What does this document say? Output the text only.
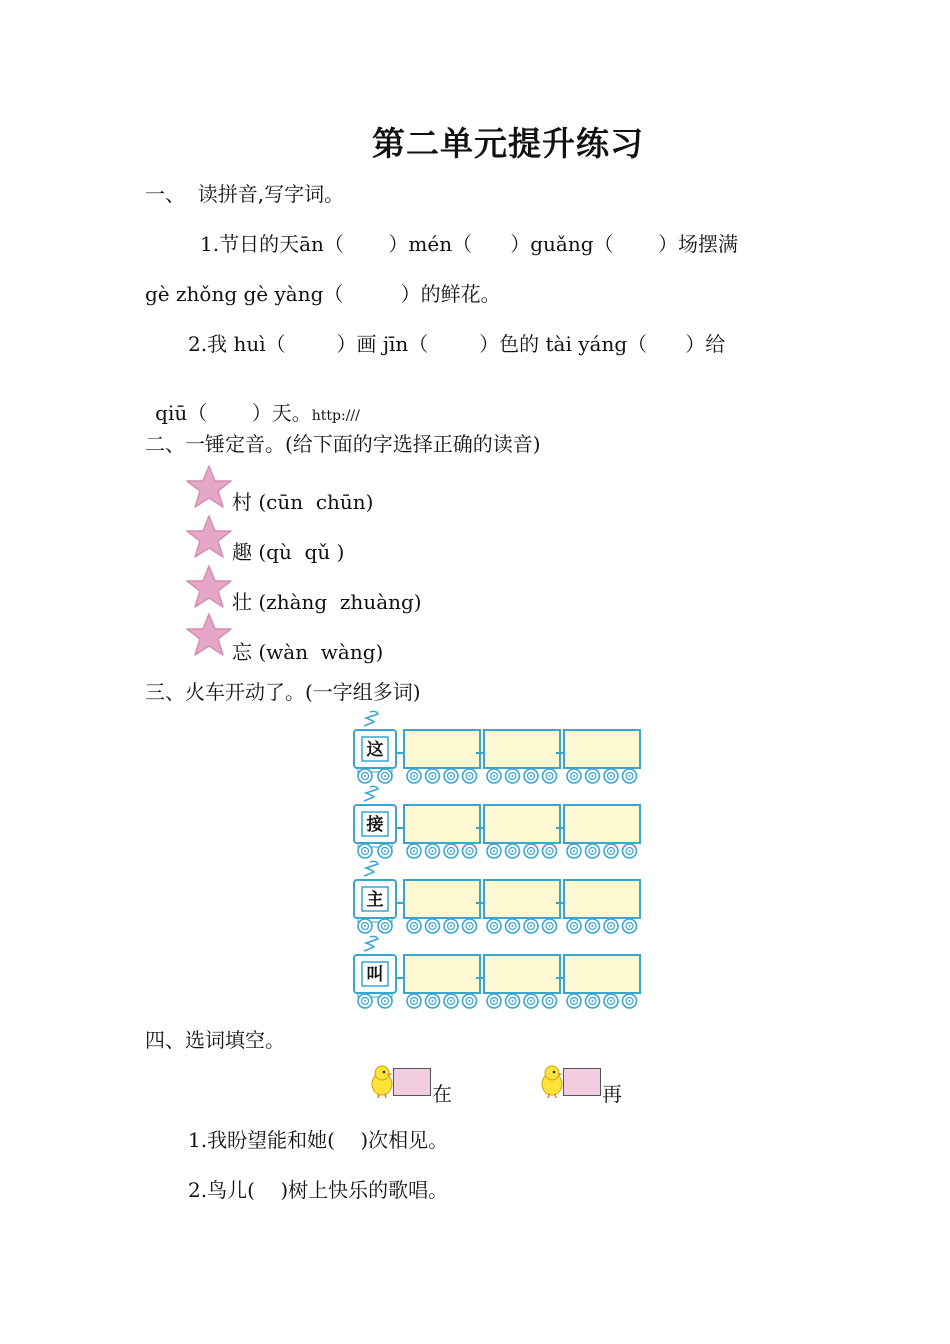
第二单元提升练习
一、  读拼音,写字词。
1.节日的天ān（       ）mén（      ）guǎng（       ）场摆满
gè zhǒng gè yàng（         ）的鲜花。
2.我 huì（        ）画 jīn（        ）色的 tài yáng（      ）给

qiū（       ）天。http:///

二、一锤定音。(给下面的字选择正确的读音)
村 (cūn  chūn)
趣 (qù  qǔ )
壮 (zhàng  zhuàng)
忘 (wàn  wàng)
三、火车开动了。(一字组多词)
这
接
主
叫
四、选词填空。
在	再
1.我盼望能和她(    )次相见。
2.鸟儿(    )树上快乐的歌唱。
